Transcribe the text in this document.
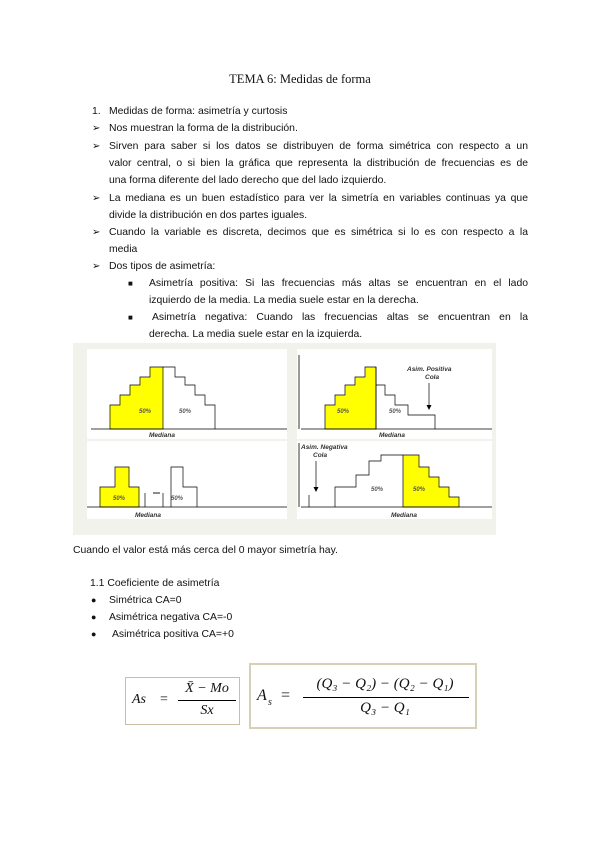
TEMA 6: Medidas de forma
1. Medidas de forma: asimetría y curtosis
➢ Nos muestran la forma de la distribución.
➢ Sirven para saber si los datos se distribuyen de forma simétrica con respecto a un
valor central, o si bien la gráfica que representa la distribución de frecuencias es de
una forma diferente del lado derecho que del lado izquierdo.
➢ La mediana es un buen estadístico para ver la simetría en variables continuas ya que
divide la distribución en dos partes iguales.
➢ Cuando la variable es discreta, decimos que es simétrica si lo es con respecto a la
media
➢ Dos tipos de asimetría:
■ Asimetría positiva: Si las frecuencias más altas se encuentran en el lado
izquierdo de la media. La media suele estar en la derecha.
■ Asimetría negativa: Cuando las frecuencias altas se encuentran en la
derecha. La media suele estar en la izquierda.
50%	50%
Mediana
50%	50%
Mediana
Asim. Positiva
Cola
50%	50%
Mediana
50%	50%
Mediana
Asim. Negativa
Cola
Cuando el valor está más cerca del 0 mayor simetría hay.
1.1 Coeficiente de asimetría
● Simétrica CA=0
● Asimétrica negativa CA=-0
● Asimétrica positiva CA=+0
As =
X̄ − Mo
Sx
A s =
(Q₃ − Q₂) − (Q₂ − Q₁)
Q₃ − Q₁
